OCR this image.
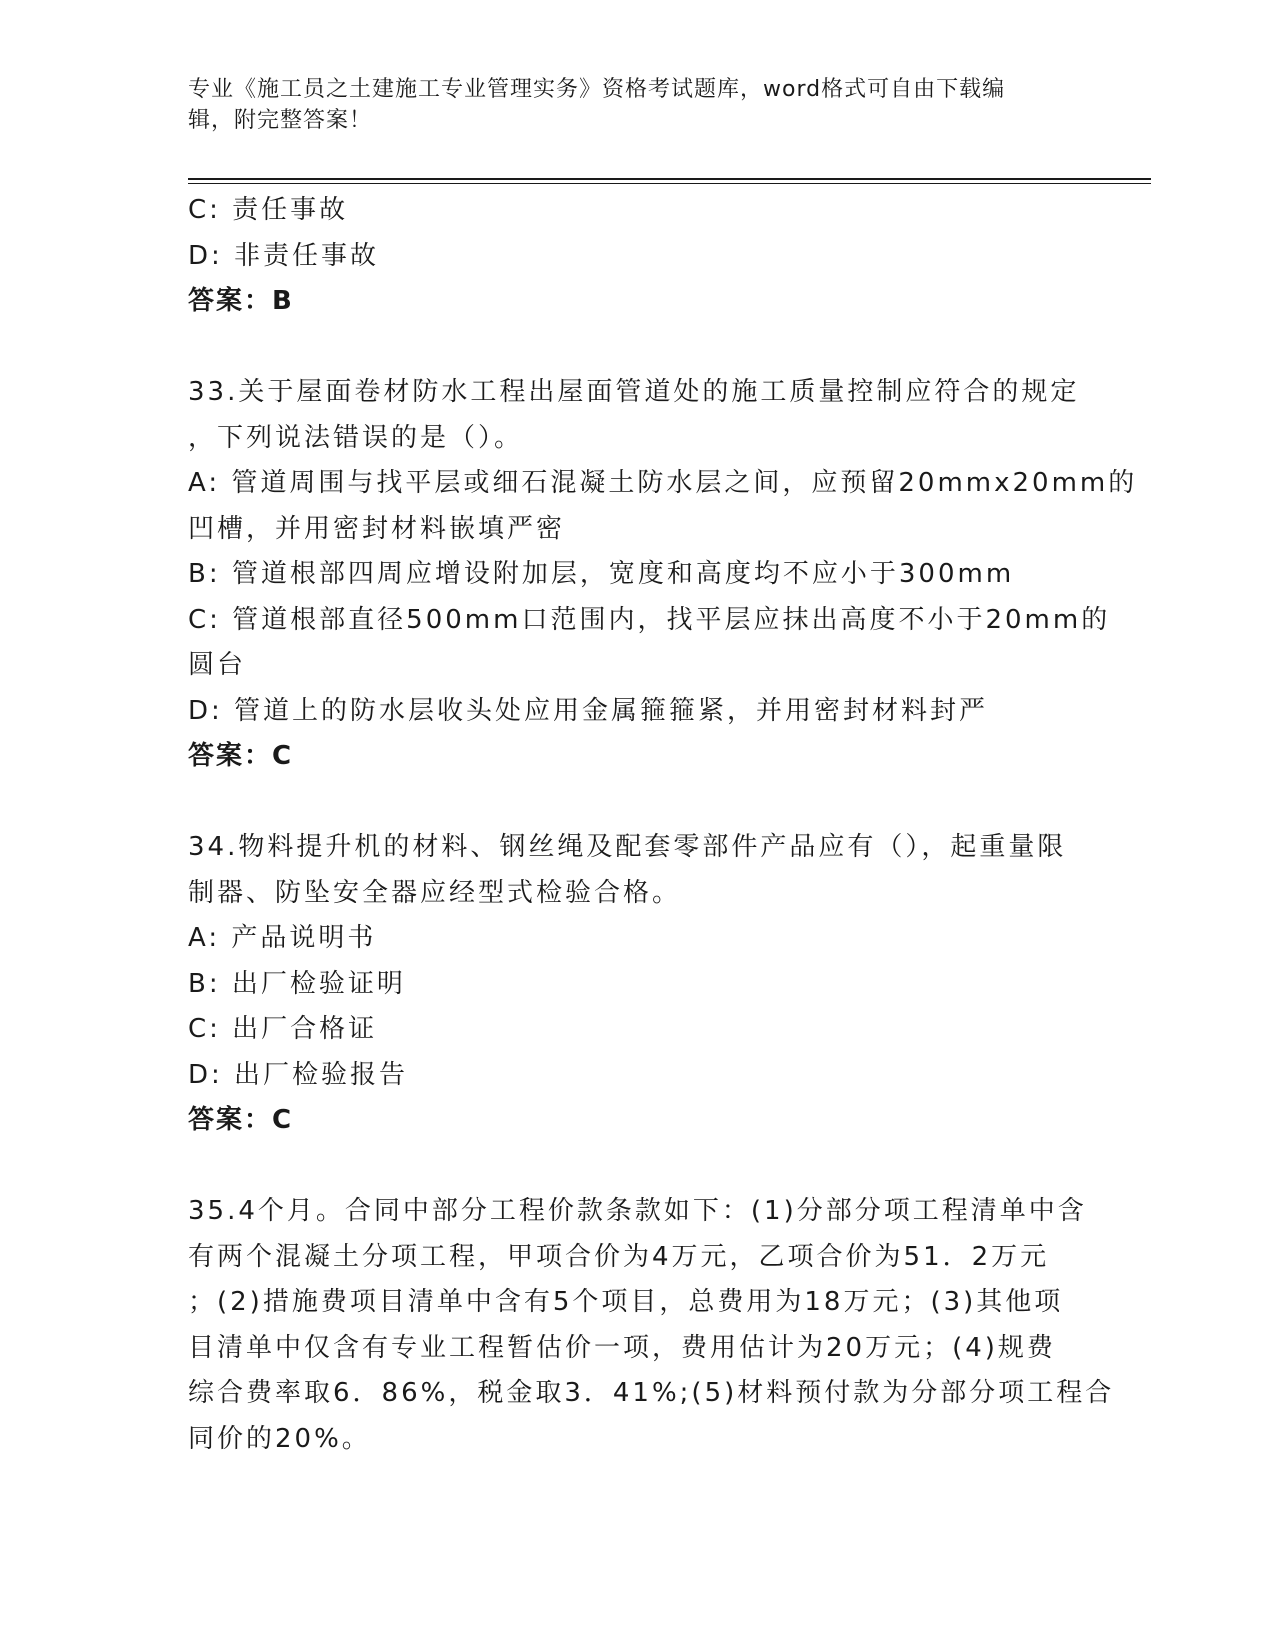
专业《施工员之土建施工专业管理实务》资格考试题库，word格式可自由下载编
辑，附完整答案！
C: 责任事故
D: 非责任事故
答案：B
33.关于屋面卷材防水工程出屋面管道处的施工质量控制应符合的规定
，下列说法错误的是（）。
A: 管道周围与找平层或细石混凝土防水层之间，应预留20mmx20mm的
凹槽，并用密封材料嵌填严密
B: 管道根部四周应增设附加层，宽度和高度均不应小于300mm
C: 管道根部直径500mm口范围内，找平层应抹出高度不小于20mm的
圆台
D: 管道上的防水层收头处应用金属箍箍紧，并用密封材料封严
答案：C
34.物料提升机的材料、钢丝绳及配套零部件产品应有（），起重量限
制器、防坠安全器应经型式检验合格。
A: 产品说明书
B: 出厂检验证明
C: 出厂合格证
D: 出厂检验报告
答案：C
35.4个月。合同中部分工程价款条款如下：(1)分部分项工程清单中含
有两个混凝土分项工程，甲项合价为4万元，乙项合价为51．2万元
；(2)措施费项目清单中含有5个项目，总费用为18万元；(3)其他项
目清单中仅含有专业工程暂估价一项，费用估计为20万元；(4)规费
综合费率取6．86%，税金取3．41%;(5)材料预付款为分部分项工程合
同价的20%。
